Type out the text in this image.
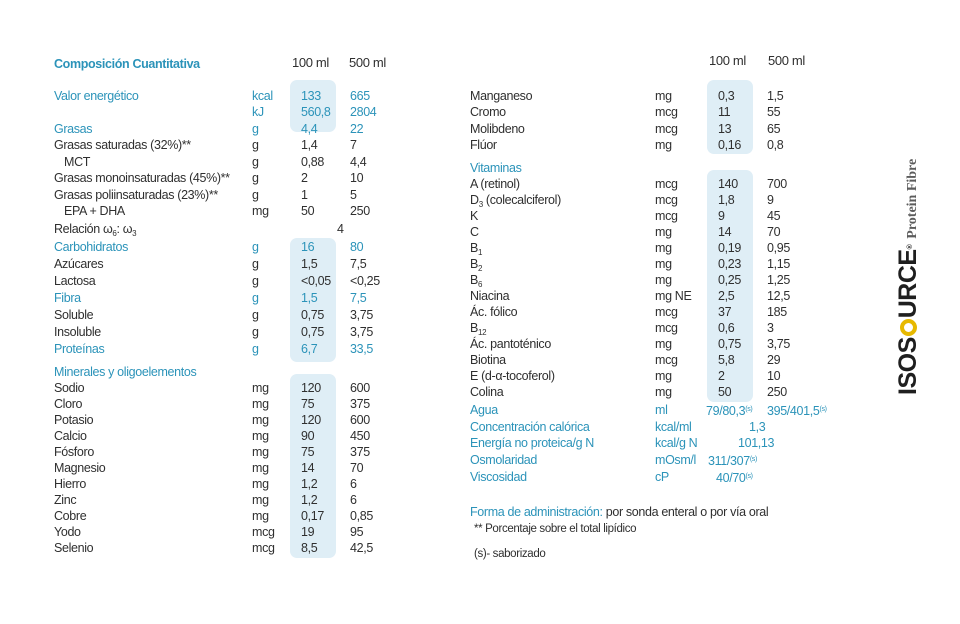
Composición Cuantitativa	100 ml 500 ml
Valor energético	kcal 133 665
kJ	560,8 2804
Grasas	g	4,4	22
Grasas saturadas (32%)**	g	1,4	7
MCT	g	0,88 4,4
Grasas monoinsaturadas (45%)** g	2	10
Grasas poliinsaturadas (23%)**	g	1	5
EPA + DHA	mg	50	250
Relación $\omega_6$: $\omega_3$	4
Carbohidratos	g	16	80
Azúcares	g	1,5	7,5
Lactosa	g	<0,05 <0,25
Fibra	g	1,5	7,5
Soluble	g	0,75 3,75
Insoluble	g	0,75 3,75
Proteínas	g	6,7	33,5
Minerales y oligoelementos
Sodio	mg	120 600
Cloro	mg	75	375
Potasio	mg	120 600
Calcio	mg	90	450
Fósforo	mg	75	375
Magnesio	mg	14	70
Hierro	mg	1,2	6
Zinc	mg	1,2	6
Cobre	mg	0,17 0,85
Yodo	mcg 19	95
Selenio	mcg 8,5	42,5
100 ml 500 ml
Manganeso	mg	0,3	1,5
Cromo	mcg	11	55
Molibdeno	mcg	13	65
Flúor	mg	0,16 0,8
Vitaminas
A (retinol)	mcg	140 700
$D_3$ (colecalciferol)	mcg	1,8	9
K	mcg	9	45
C	mg	14	70
$B_1$	mg	0,19 0,95
$B_2$	mg	0,23 1,15
$B_6$	mg	0,25 1,25
Niacina	mg NE 2,5	12,5
Ác. fólico	mcg	37	185
$B_{12}$	mcg	0,6	3
Ác. pantoténico	mg	0,75 3,75
Biotina	mcg	5,8	29
E (d-α-tocoferol)	mg	2	10
Colina	mg	50	250
Agua	ml	79/80,3$^{(s)}$ 395/401,5$^{(s)}$
Concentración calórica	kcal/ml	1,3
Energía no proteica/g N	kcal/g N	101,13
Osmolaridad	mOsm/l 311/307$^{(s)}$
Viscosidad	cP	40/70$^{(s)}$
ISOSURCE®
Protein Fibre
Forma de administración: por sonda enteral o por vía oral
** Porcentaje sobre el total lipídico
(s)- saborizado
